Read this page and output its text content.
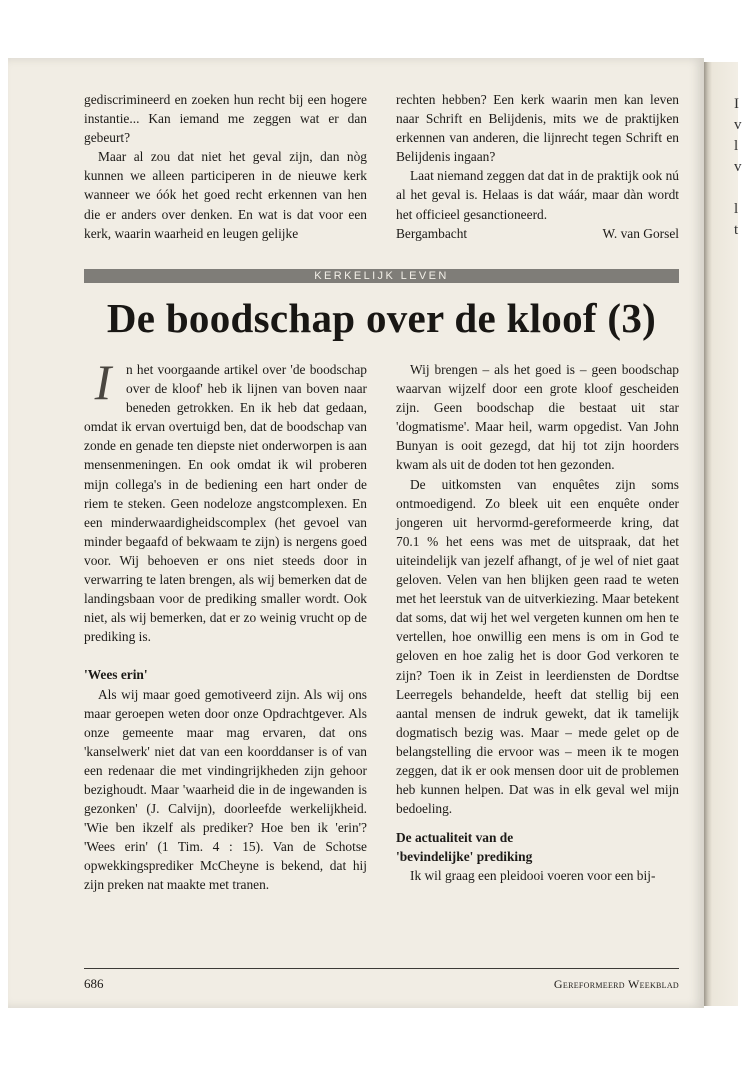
I
v
l
v
l
t

gediscrimineerd en zoeken hun recht bij een hogere instantie... Kan iemand me zeggen wat er dan gebeurt?

Maar al zou dat niet het geval zijn, dan nòg kunnen we alleen participeren in de nieuwe kerk wanneer we óók het goed recht erkennen van hen die er anders over denken. En wat is dat voor een kerk, waarin waarheid en leugen gelijke

rechten hebben? Een kerk waarin men kan leven naar Schrift en Belijdenis, mits we de praktijken erkennen van anderen, die lijnrecht tegen Schrift en Belijdenis ingaan?

Laat niemand zeggen dat dat in de praktijk ook nú al het geval is. Helaas is dat wáár, maar dàn wordt het officieel gesanctioneerd.

Bergambacht	W. van Gorsel
KERKELIJK LEVEN
De boodschap over de kloof (3)

I	n het voorgaande artikel over 'de boodschap over de kloof' heb ik lijnen van boven naar beneden getrokken. En ik heb dat gedaan, omdat ik ervan overtuigd ben, dat de boodschap van zonde en genade ten diepste niet onderworpen is aan mensenmeningen. En ook omdat ik wil proberen mijn collega's in de bediening een hart onder de riem te steken. Geen nodeloze angstcomplexen. En een minderwaardigheidscomplex (het gevoel van minder begaafd of bekwaam te zijn) is nergens goed voor. Wij behoeven er ons niet steeds door in verwarring te laten brengen, als wij bemerken dat de landingsbaan voor de prediking smaller wordt. Ook niet, als wij bemerken, dat er zo weinig vrucht op de prediking is.

'Wees erin'

Als wij maar goed gemotiveerd zijn. Als wij ons maar geroepen weten door onze Opdrachtgever. Als onze gemeente maar mag ervaren, dat ons 'kanselwerk' niet dat van een koorddanser is of van een redenaar die met vindingrijkheden zijn gehoor bezighoudt. Maar 'waarheid die in de ingewanden is gezonken' (J. Calvijn), doorleefde werkelijkheid. 'Wie ben ikzelf als prediker? Hoe ben ik 'erin'? 'Wees erin' (1 Tim. 4 : 15). Van de Schotse opwekkingsprediker McCheyne is bekend, dat hij zijn preken nat maakte met tranen.

Wij brengen – als het goed is – geen boodschap waarvan wijzelf door een grote kloof gescheiden zijn. Geen boodschap die bestaat uit star 'dogmatisme'. Maar heil, warm opgedist. Van John Bunyan is ooit gezegd, dat hij tot zijn hoorders kwam als uit de doden tot hen gezonden.

De uitkomsten van enquêtes zijn soms ontmoedigend. Zo bleek uit een enquête onder jongeren uit hervormd-gereformeerde kring, dat 70.1 % het eens was met de uitspraak, dat het uiteindelijk van jezelf afhangt, of je wel of niet gaat geloven. Velen van hen blijken geen raad te weten met het leerstuk van de uitverkiezing. Maar betekent dat soms, dat wij het wel vergeten kunnen om hen te vertellen, hoe onwillig een mens is om in God te geloven en hoe zalig het is door God verkoren te zijn? Toen ik in Zeist in leerdiensten de Dordtse Leerregels behandelde, heeft dat stellig bij een aantal mensen de indruk gewekt, dat ik tamelijk dogmatisch bezig was. Maar – mede gelet op de belangstelling die ervoor was – meen ik te mogen zeggen, dat ik er ook mensen door uit de problemen heb kunnen helpen. Dat was in elk geval wel mijn bedoeling.

De actualiteit van de
'bevindelijke' prediking

Ik wil graag een pleidooi voeren voor een bij-

686	Gereformeerd Weekblad
